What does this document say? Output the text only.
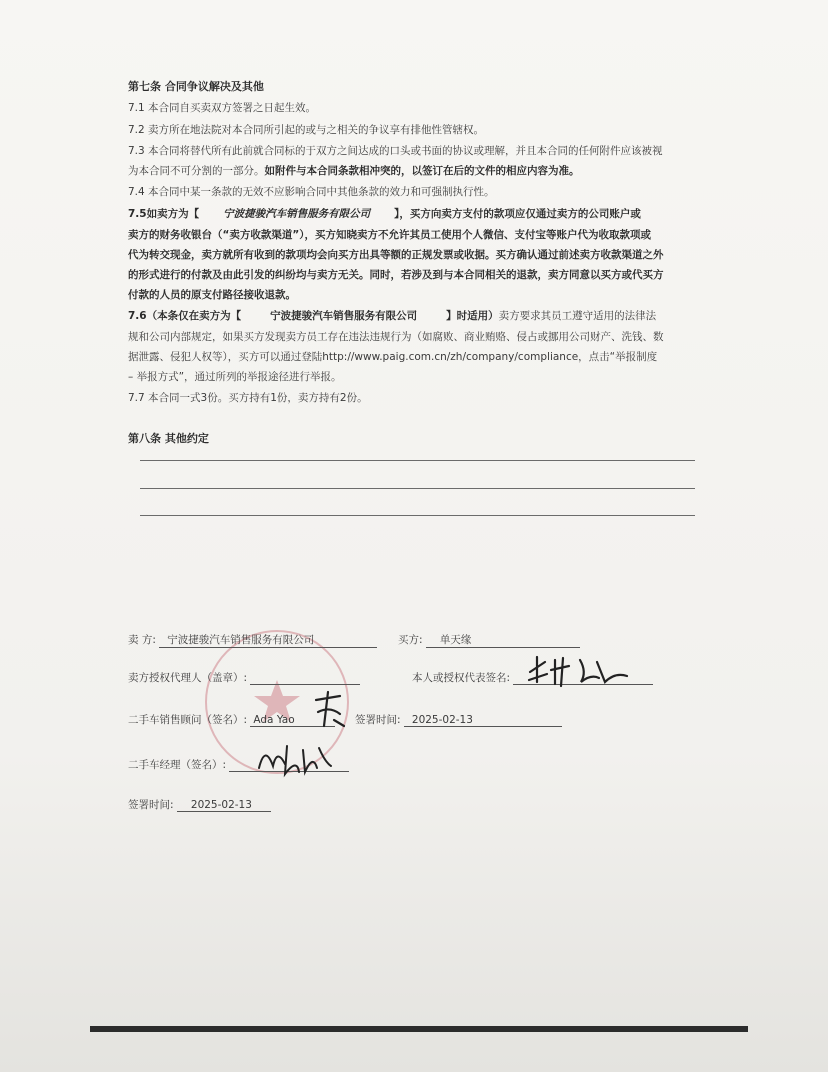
第七条 合同争议解决及其他
7.1 本合同自买卖双方签署之日起生效。
7.2 卖方所在地法院对本合同所引起的或与之相关的争议享有排他性管辖权。
7.3 本合同将替代所有此前就合同标的于双方之间达成的口头或书面的协议或理解，并且本合同的任何附件应该被视
为本合同不可分割的一部分。如附件与本合同条款相冲突的，以签订在后的文件的相应内容为准。
7.4 本合同中某一条款的无效不应影响合同中其他条款的效力和可强制执行性。
7.5如卖方为【 宁波捷骏汽车销售服务有限公司 】，买方向卖方支付的款项应仅通过卖方的公司账户或
卖方的财务收银台（“卖方收款渠道”），买方知晓卖方不允许其员工使用个人微信、支付宝等账户代为收取款项或
代为转交现金，卖方就所有收到的款项均会向买方出具等额的正规发票或收据。买方确认通过前述卖方收款渠道之外
的形式进行的付款及由此引发的纠纷均与卖方无关。同时，若涉及到与本合同相关的退款，卖方同意以买方或代买方
付款的人员的原支付路径接收退款。
7.6（本条仅在卖方为【	宁波捷骏汽车销售服务有限公司	】时适用）卖方要求其员工遵守适用的法律法
规和公司内部规定，如果买方发现卖方员工存在违法违规行为（如腐败、商业贿赂、侵占或挪用公司财产、洗钱、数
据泄露、侵犯人权等），买方可以通过登陆http://www.paig.com.cn/zh/company/compliance，点击“举报制度
– 举报方式”，通过所列的举报途径进行举报。
7.7 本合同一式3份。买方持有1份，卖方持有2份。
第八条 其他约定
卖 方: 宁波捷骏汽车销售服务有限公司	买方: 单天缘
卖方授权代理人（盖章）:	本人或授权代表签名:
二手车销售顾问（签名）: Ada Yao	签署时间: 2025-02-13
二手车经理（签名）:
签署时间: 2025-02-13
